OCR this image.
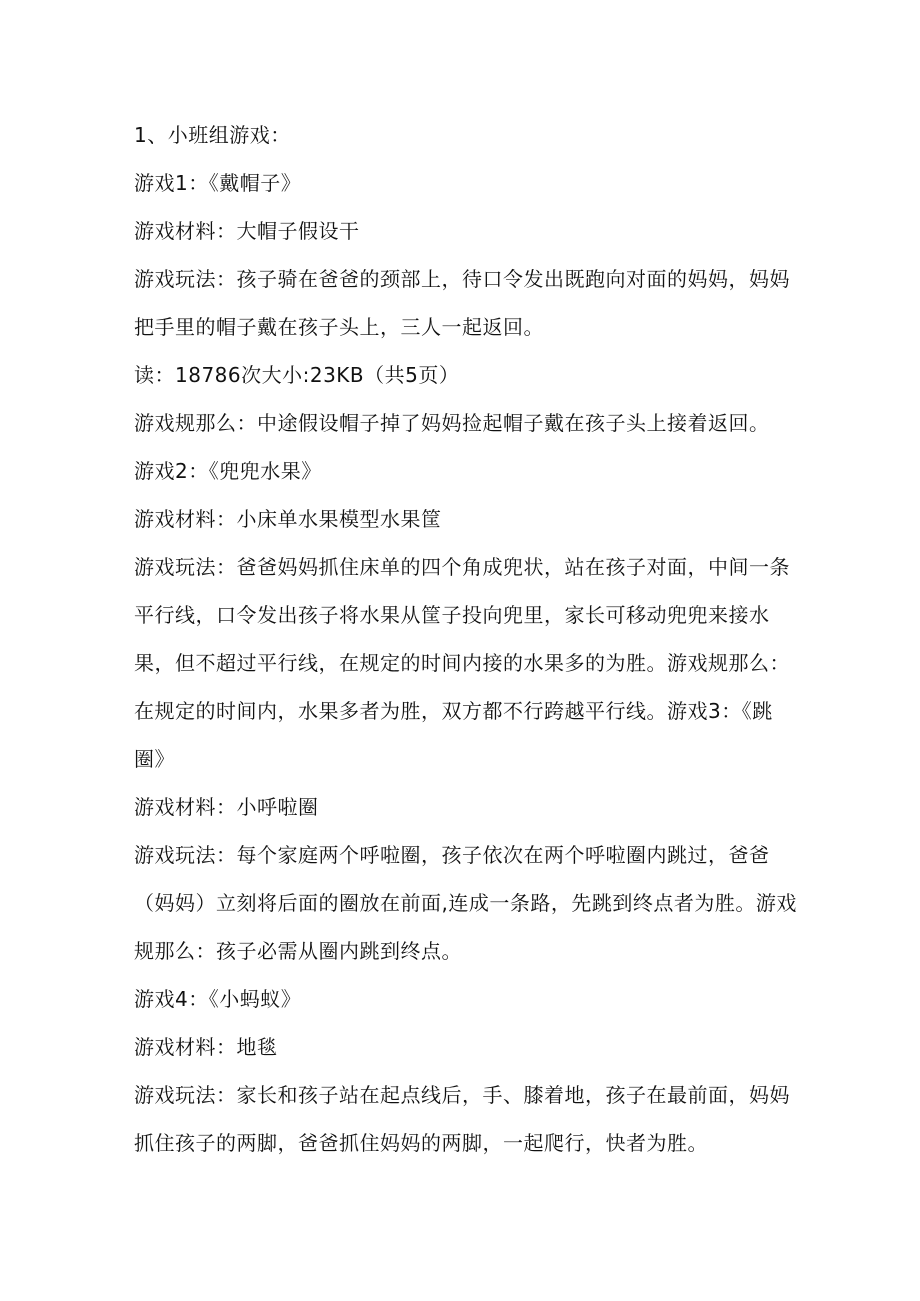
1、小班组游戏：
游戏1：《戴帽子》
游戏材料：大帽子假设干
游戏玩法：孩子骑在爸爸的颈部上，待口令发出既跑向对面的妈妈，妈妈
把手里的帽子戴在孩子头上，三人一起返回。
读：18786次大小:23KB（共5页）
游戏规那么：中途假设帽子掉了妈妈捡起帽子戴在孩子头上接着返回。
游戏2：《兜兜水果》
游戏材料：小床单水果模型水果筐
游戏玩法：爸爸妈妈抓住床单的四个角成兜状，站在孩子对面，中间一条
平行线，口令发出孩子将水果从筐子投向兜里，家长可移动兜兜来接水
果，但不超过平行线，在规定的时间内接的水果多的为胜。游戏规那么：
在规定的时间内，水果多者为胜，双方都不行跨越平行线。游戏3：《跳
圈》
游戏材料：小呼啦圈
游戏玩法：每个家庭两个呼啦圈，孩子依次在两个呼啦圈内跳过，爸爸
（妈妈）立刻将后面的圈放在前面,连成一条路，先跳到终点者为胜。游戏
规那么：孩子必需从圈内跳到终点。
游戏4：《小蚂蚁》
游戏材料：地毯
游戏玩法：家长和孩子站在起点线后，手、膝着地，孩子在最前面，妈妈
抓住孩子的两脚，爸爸抓住妈妈的两脚，一起爬行，快者为胜。
